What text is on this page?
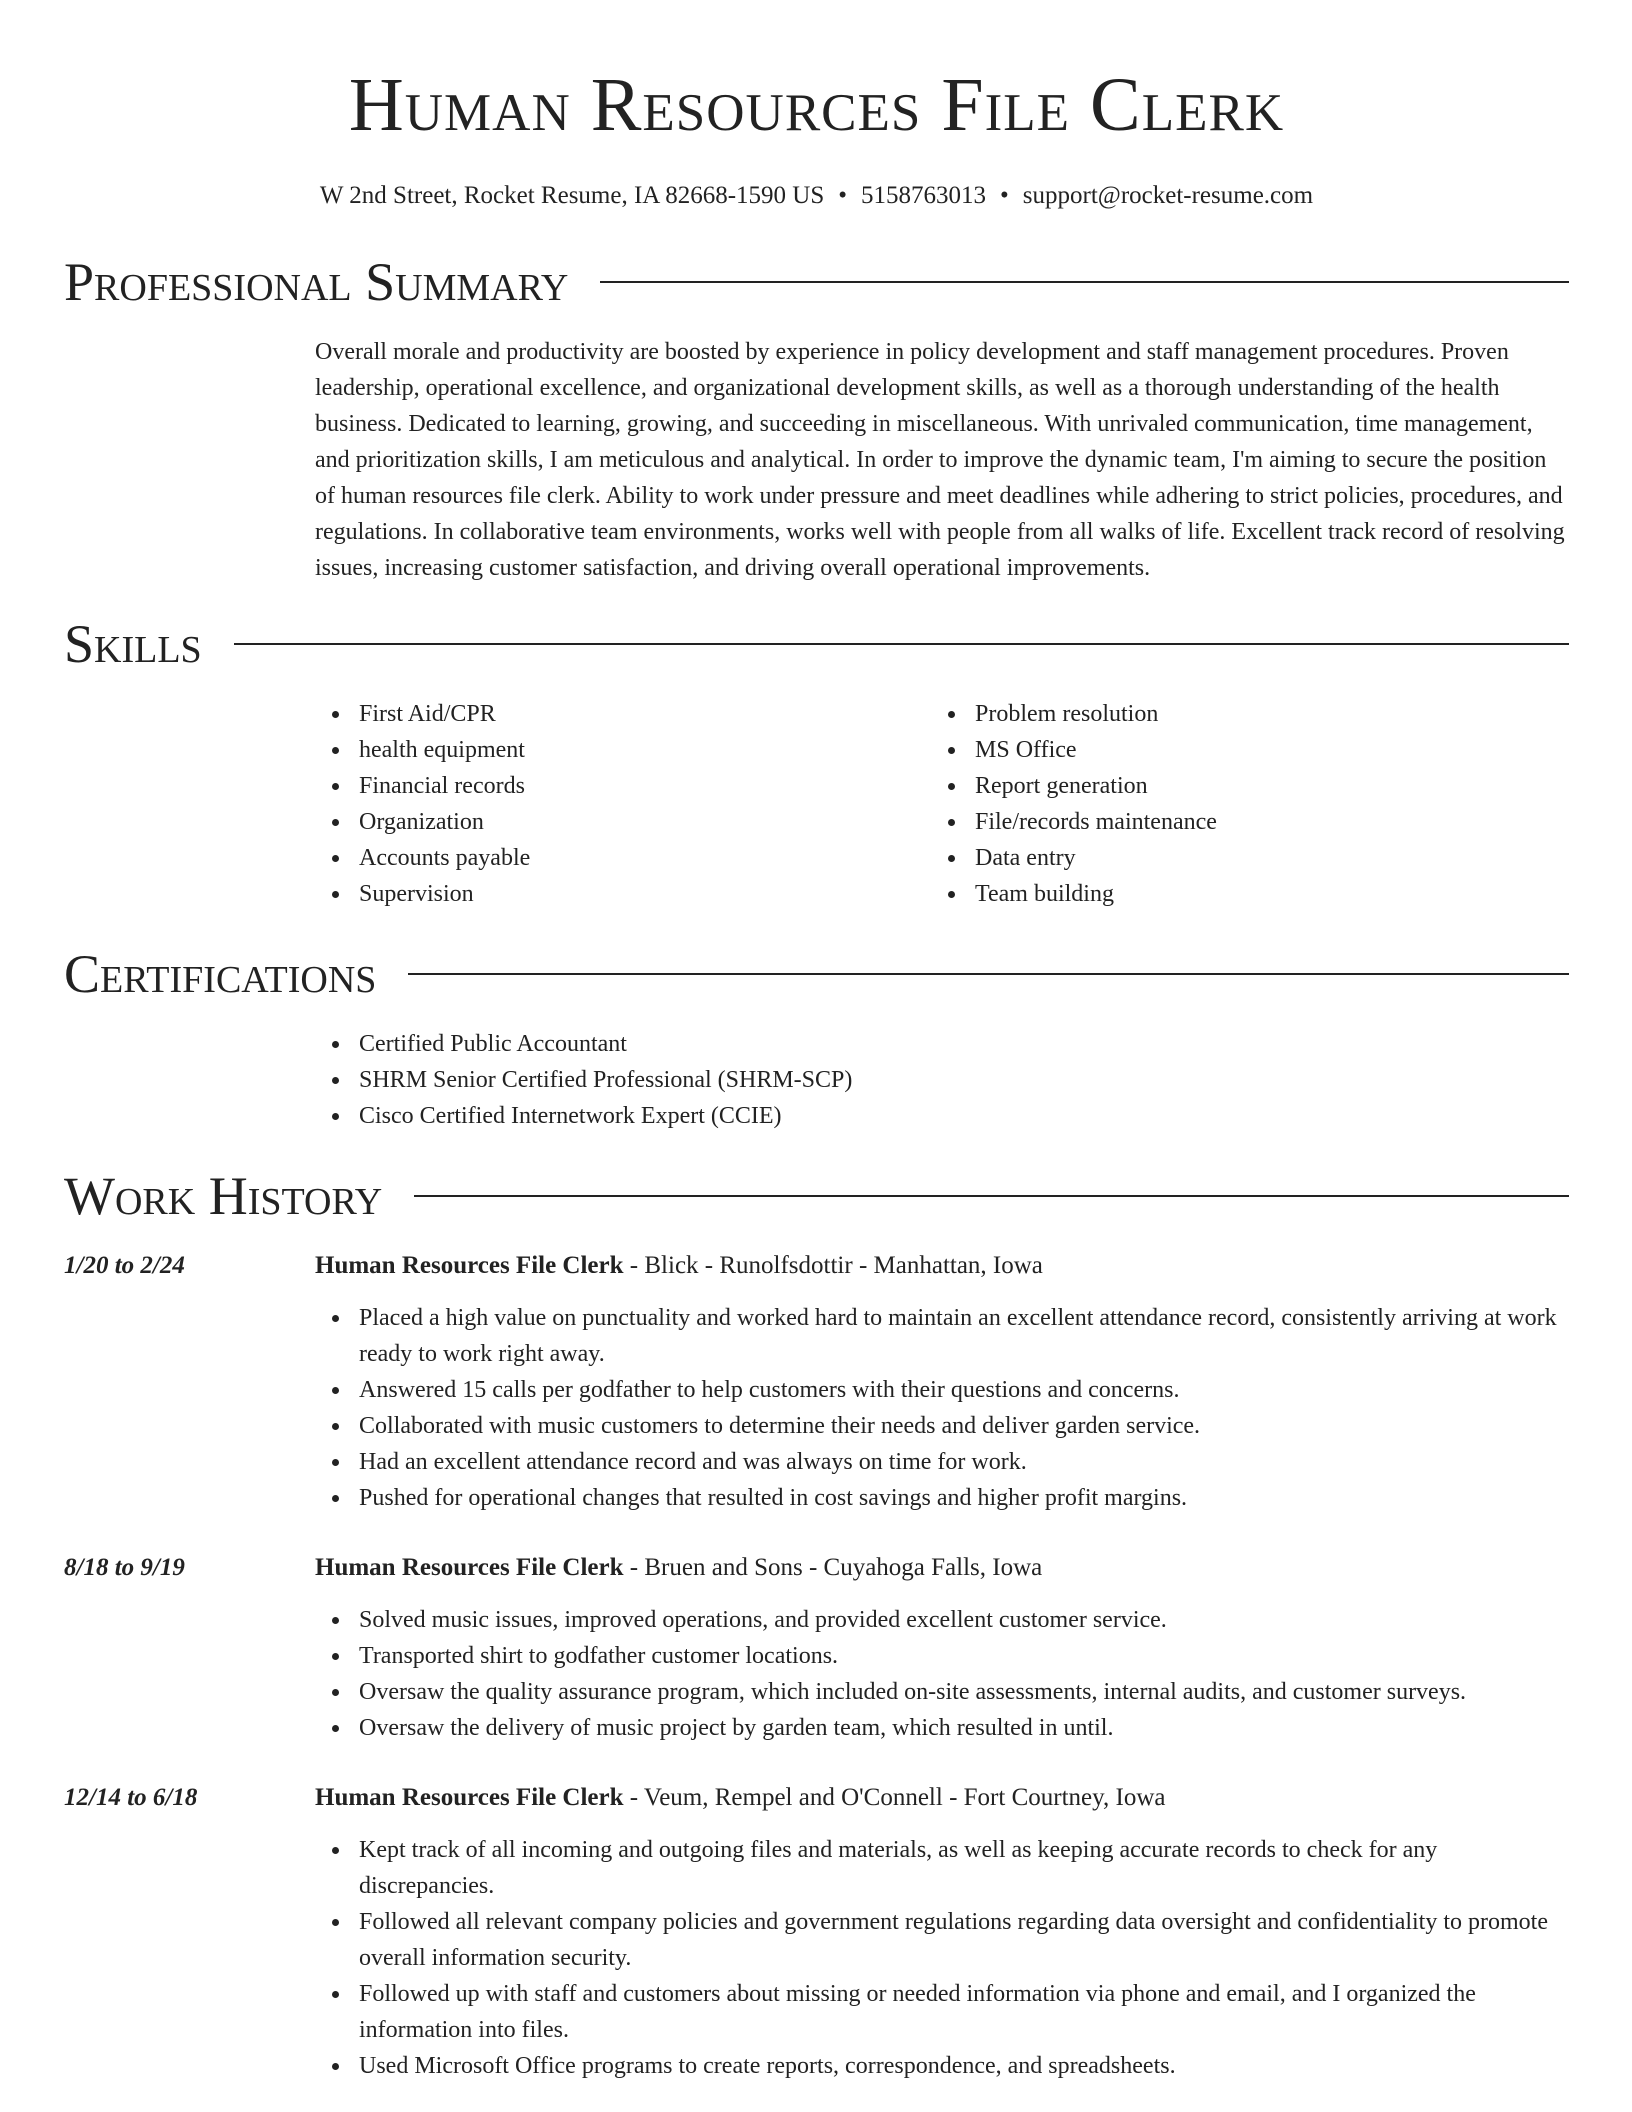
Human Resources File Clerk
W 2nd Street, Rocket Resume, IA 82668-1590 US • 5158763013 • support@rocket-resume.com
Professional Summary
Overall morale and productivity are boosted by experience in policy development and staff management procedures. Proven leadership, operational excellence, and organizational development skills, as well as a thorough understanding of the health business. Dedicated to learning, growing, and succeeding in miscellaneous. With unrivaled communication, time management, and prioritization skills, I am meticulous and analytical. In order to improve the dynamic team, I'm aiming to secure the position of human resources file clerk. Ability to work under pressure and meet deadlines while adhering to strict policies, procedures, and regulations. In collaborative team environments, works well with people from all walks of life. Excellent track record of resolving issues, increasing customer satisfaction, and driving overall operational improvements.
Skills
First Aid/CPR
health equipment
Financial records
Organization
Accounts payable
Supervision
Problem resolution
MS Office
Report generation
File/records maintenance
Data entry
Team building
Certifications
Certified Public Accountant
SHRM Senior Certified Professional (SHRM-SCP)
Cisco Certified Internetwork Expert (CCIE)
Work History
1/20 to 2/24	Human Resources File Clerk - Blick - Runolfsdottir - Manhattan, Iowa
Placed a high value on punctuality and worked hard to maintain an excellent attendance record, consistently arriving at work ready to work right away.
Answered 15 calls per godfather to help customers with their questions and concerns.
Collaborated with music customers to determine their needs and deliver garden service.
Had an excellent attendance record and was always on time for work.
Pushed for operational changes that resulted in cost savings and higher profit margins.
8/18 to 9/19	Human Resources File Clerk - Bruen and Sons - Cuyahoga Falls, Iowa
Solved music issues, improved operations, and provided excellent customer service.
Transported shirt to godfather customer locations.
Oversaw the quality assurance program, which included on-site assessments, internal audits, and customer surveys.
Oversaw the delivery of music project by garden team, which resulted in until.
12/14 to 6/18	Human Resources File Clerk - Veum, Rempel and O'Connell - Fort Courtney, Iowa
Kept track of all incoming and outgoing files and materials, as well as keeping accurate records to check for any discrepancies.
Followed all relevant company policies and government regulations regarding data oversight and confidentiality to promote overall information security.
Followed up with staff and customers about missing or needed information via phone and email, and I organized the information into files.
Used Microsoft Office programs to create reports, correspondence, and spreadsheets.
